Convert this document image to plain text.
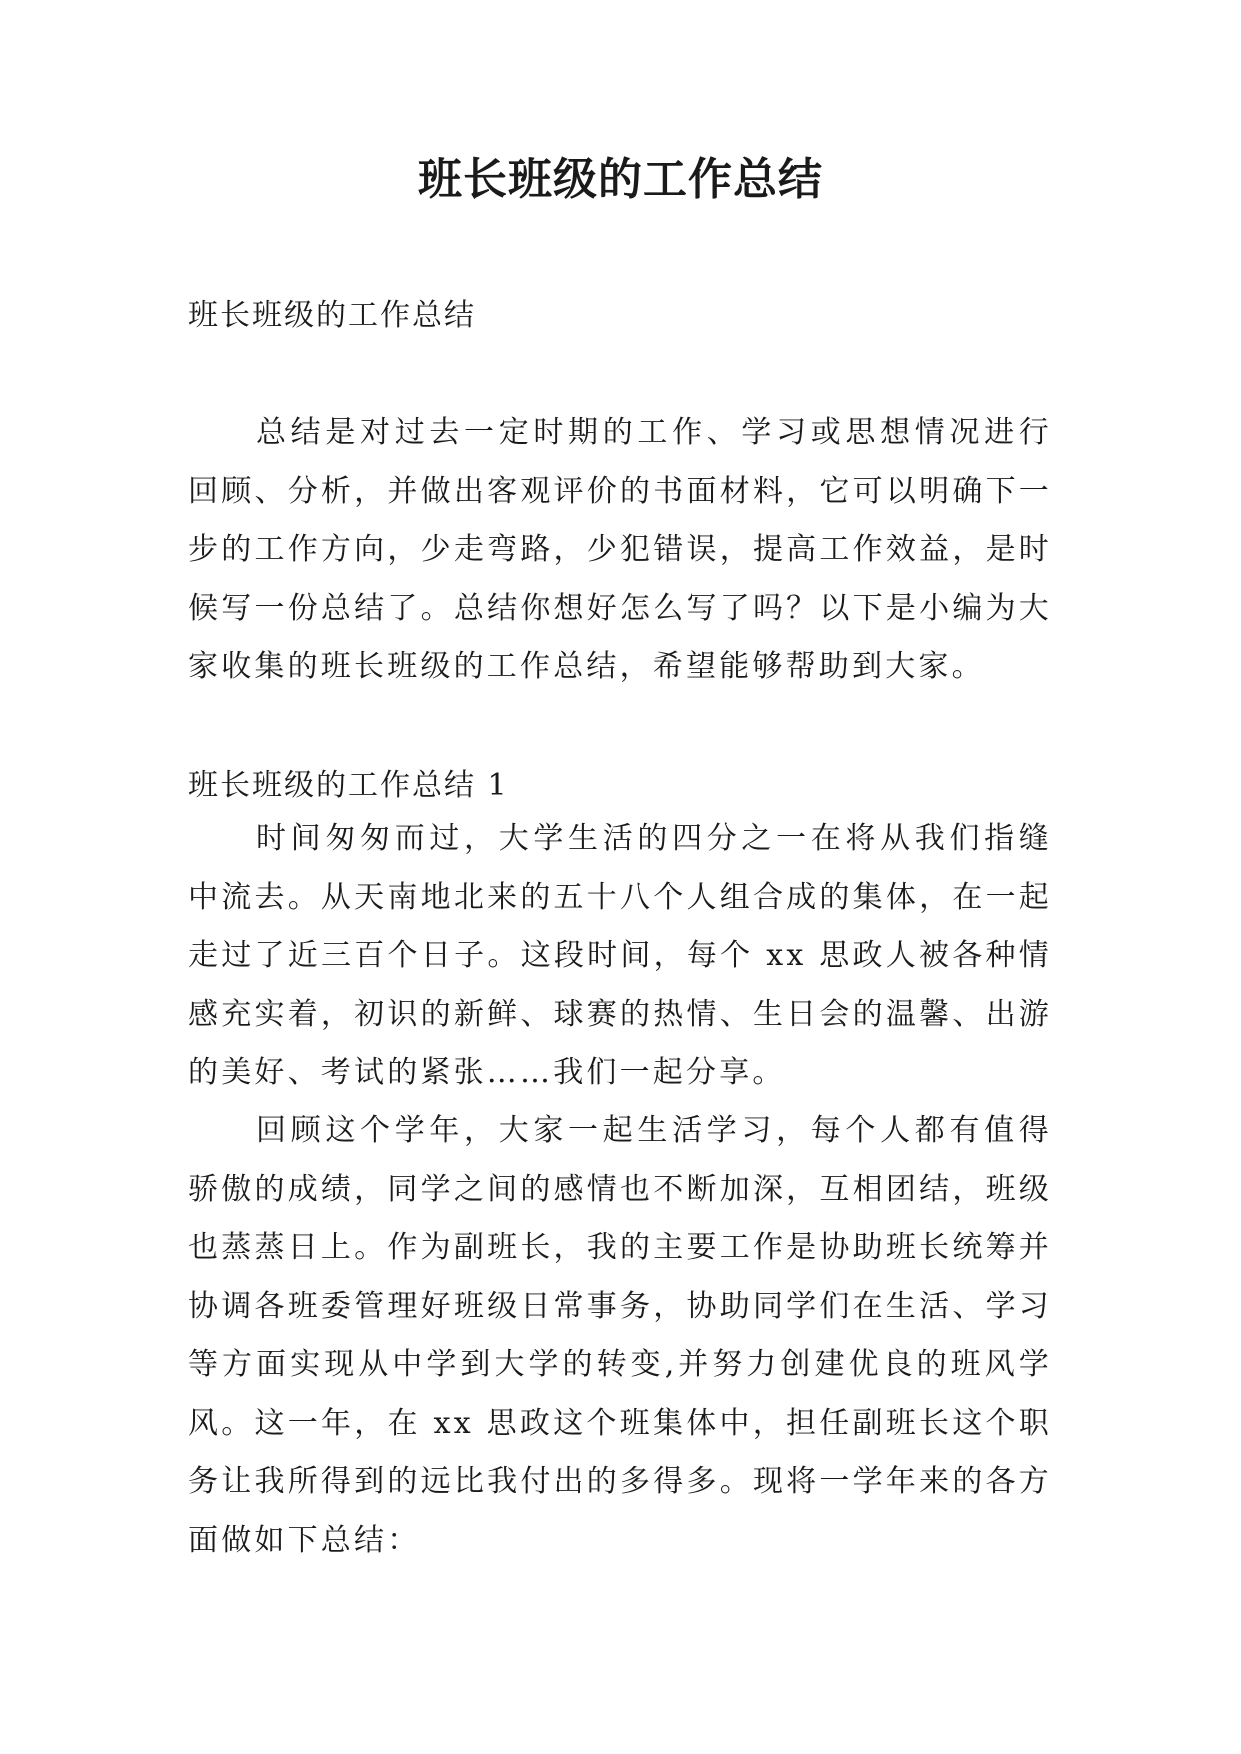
班长班级的工作总结

班长班级的工作总结

总结是对过去一定时期的工作、学习或思想情况进行回顾、分析，并做出客观评价的书面材料，它可以明确下一步的工作方向，少走弯路，少犯错误，提高工作效益，是时候写一份总结了。总结你想好怎么写了吗？以下是小编为大家收集的班长班级的工作总结，希望能够帮助到大家。

班长班级的工作总结 1

时间匆匆而过，大学生活的四分之一在将从我们指缝中流去。从天南地北来的五十八个人组合成的集体，在一起走过了近三百个日子。这段时间，每个 xx 思政人被各种情感充实着，初识的新鲜、球赛的热情、生日会的温馨、出游的美好、考试的紧张……我们一起分享。

回顾这个学年，大家一起生活学习，每个人都有值得骄傲的成绩，同学之间的感情也不断加深，互相团结，班级也蒸蒸日上。作为副班长，我的主要工作是协助班长统筹并协调各班委管理好班级日常事务，协助同学们在生活、学习等方面实现从中学到大学的转变,并努力创建优良的班风学风。这一年，在 xx 思政这个班集体中，担任副班长这个职务让我所得到的远比我付出的多得多。现将一学年来的各方面做如下总结：
